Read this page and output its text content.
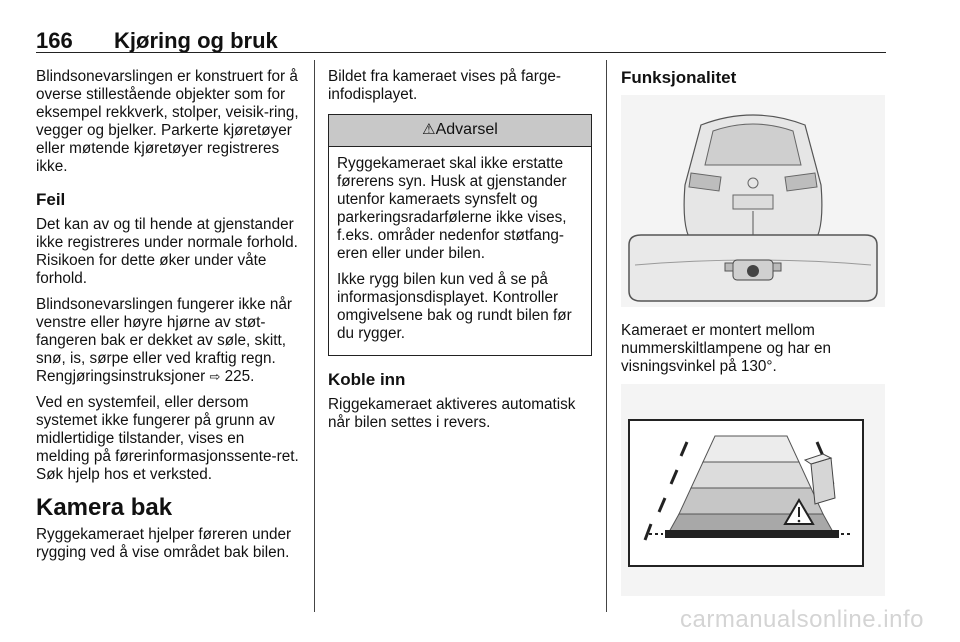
166 Kjøring og bruk

Blindsonevarslingen er konstruert for å overse stillestående objekter som for eksempel rekkverk, stolper, veisik-ring, vegger og bjelker. Parkerte kjøretøyer eller møtende kjøretøyer registreres ikke.

Feil

Det kan av og til hende at gjenstander ikke registreres under normale forhold. Risikoen for dette øker under våte forhold.

Blindsonevarslingen fungerer ikke når venstre eller høyre hjørne av støt-fangeren bak er dekket av søle, skitt, snø, is, sørpe eller ved kraftig regn. Rengjøringsinstruksjoner ⇨ 225.

Ved en systemfeil, eller dersom systemet ikke fungerer på grunn av midlertidige tilstander, vises en melding på førerinformasjonssente-ret. Søk hjelp hos et verksted.

Kamera bak

Ryggekameraet hjelper føreren under rygging ved å vise området bak bilen.

Bildet fra kameraet vises på farge-infodisplayet.

⚠Advarsel

Ryggekameraet skal ikke erstatte førerens syn. Husk at gjenstander utenfor kameraets synsfelt og parkeringsradarfølerne ikke vises, f.eks. områder nedenfor støtfang-eren eller under bilen.

Ikke rygg bilen kun ved å se på informasjonsdisplayet. Kontroller omgivelsene bak og rundt bilen før du rygger.

Koble inn

Riggekameraet aktiveres automatisk når bilen settes i revers.

Funksjonalitet

Kameraet er montert mellom nummerskiltlampene og har en visningsvinkel på 130°.

carmanualsonline.info
